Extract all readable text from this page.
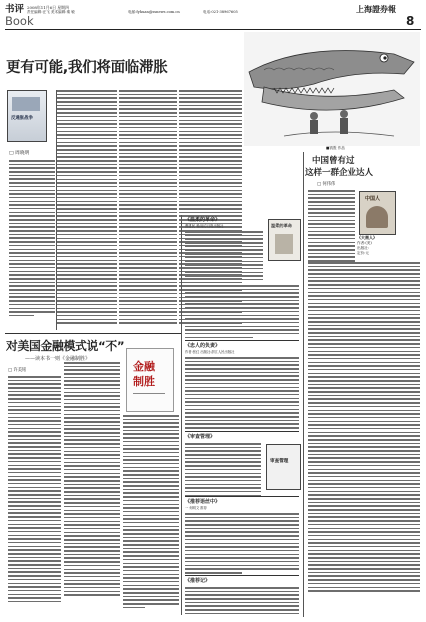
书评
Book
2008年11月6日 星期四
责任编辑:汪飞 美术编辑:秦 敏	电邮:fyhuan@ssnews.com.cn	电话:021-38967605	上海證券報
8
更有可能,我们将面临滞胀
反通胀战争
□ 周晓明
■钱胜 作品
中国曾有过
这样一群企业达人
□ 何伟伟
中国人
《大商人》
作者:(美)
出版社:
定价:元
《温柔的革命》
曹建民 著/南方日报出版社	温柔的革命
《忠人的负责》
作者:张红 出版社:浙江人民出版社
《审查管理》
审查管理
《推荐语丝中》
一 何明文 推荐
《推荐记》
对美国金融模式说“不”
——读本书一则《金融制胜》
□ 许美铭	金融
制胜
